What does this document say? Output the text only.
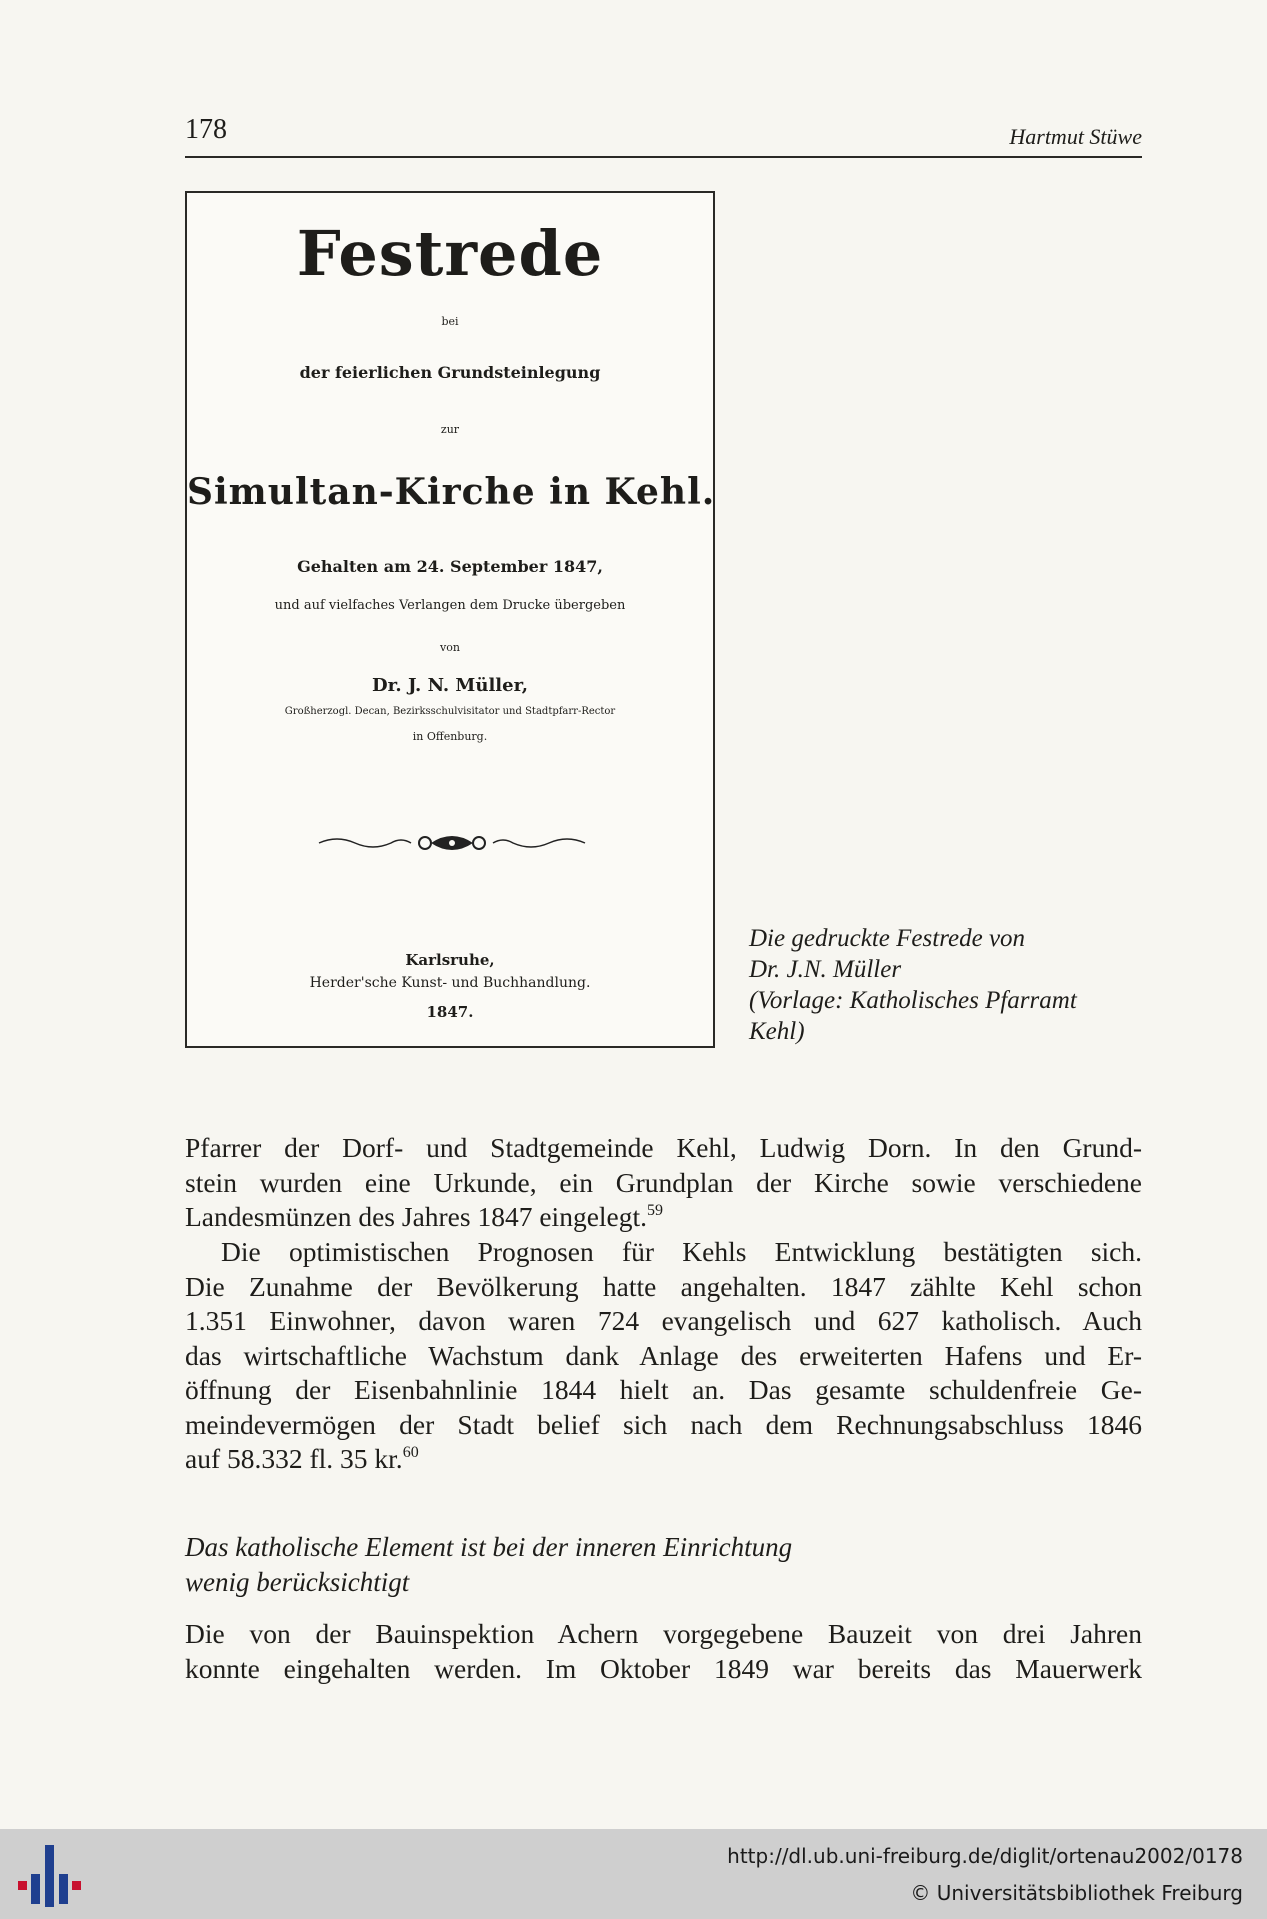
178	Hartmut Stüwe
Festrede
bei
der feierlichen Grundsteinlegung
zur
Simultan-Kirche in Kehl.
Gehalten am 24. September 1847,
und auf vielfaches Verlangen dem Drucke übergeben
von
Dr. J. N. Müller,
Großherzogl. Decan, Bezirksschulvisitator und Stadtpfarr-Rector
in Offenburg.
Karlsruhe,
Herder'sche Kunst- und Buchhandlung.
1847.
Die gedruckte Festrede von
Dr. J.N. Müller
(Vorlage: Katholisches Pfarramt
Kehl)
Pfarrer der Dorf- und Stadtgemeinde Kehl, Ludwig Dorn. In den Grund-
stein wurden eine Urkunde, ein Grundplan der Kirche sowie verschiedene
Landesmünzen des Jahres 1847 eingelegt.$^{59}$
Die optimistischen Prognosen für Kehls Entwicklung bestätigten sich.
Die Zunahme der Bevölkerung hatte angehalten. 1847 zählte Kehl schon
1.351 Einwohner, davon waren 724 evangelisch und 627 katholisch. Auch
das wirtschaftliche Wachstum dank Anlage des erweiterten Hafens und Er-
öffnung der Eisenbahnlinie 1844 hielt an. Das gesamte schuldenfreie Ge-
meindevermögen der Stadt belief sich nach dem Rechnungsabschluss 1846
auf 58.332 fl. 35 kr.$^{60}$
Das katholische Element ist bei der inneren Einrichtung
wenig berücksichtigt
Die von der Bauinspektion Achern vorgegebene Bauzeit von drei Jahren
konnte eingehalten werden. Im Oktober 1849 war bereits das Mauerwerk
http://dl.ub.uni-freiburg.de/diglit/ortenau2002/0178
© Universitätsbibliothek Freiburg
